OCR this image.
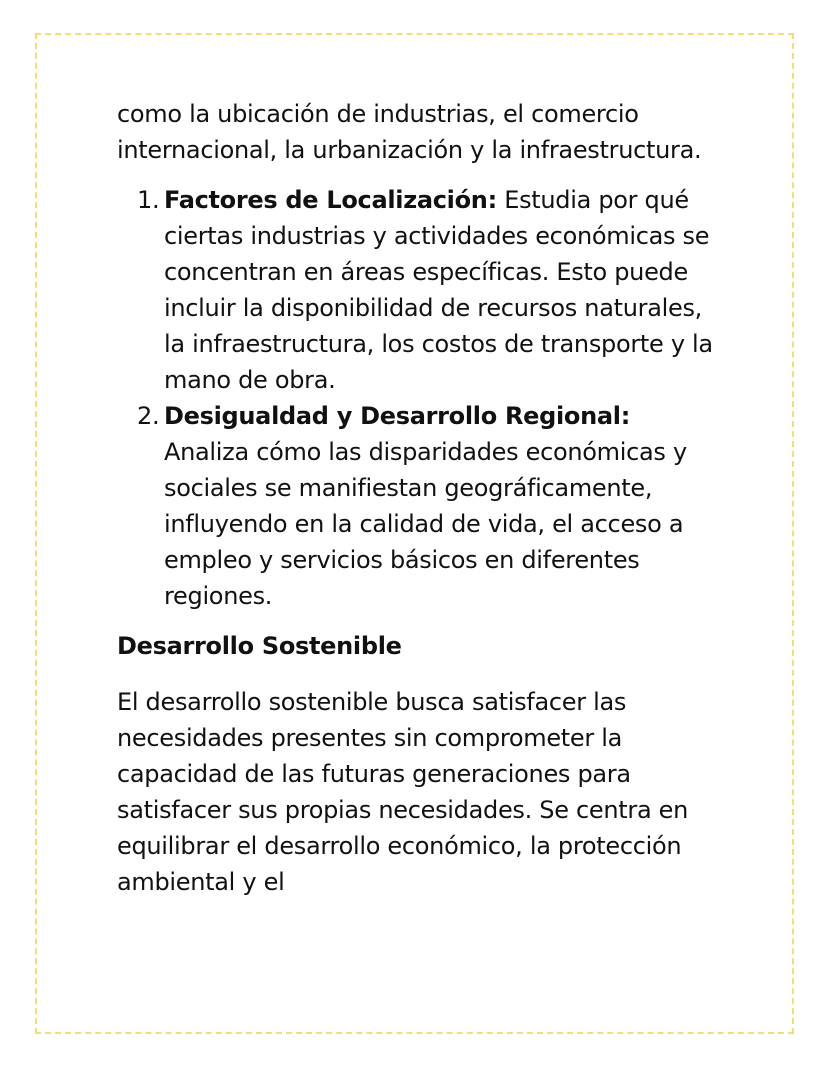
como la ubicación de industrias, el comercio internacional, la urbanización y la infraestructura.

1. Factores de Localización: Estudia por qué ciertas industrias y actividades económicas se concentran en áreas específicas. Esto puede incluir la disponibilidad de recursos naturales, la infraestructura, los costos de transporte y la mano de obra.
2. Desigualdad y Desarrollo Regional: Analiza cómo las disparidades económicas y sociales se manifiestan geográficamente, influyendo en la calidad de vida, el acceso a empleo y servicios básicos en diferentes regiones.
Desarrollo Sostenible

El desarrollo sostenible busca satisfacer las necesidades presentes sin comprometer la capacidad de las futuras generaciones para satisfacer sus propias necesidades. Se centra en equilibrar el desarrollo económico, la protección ambiental y el
